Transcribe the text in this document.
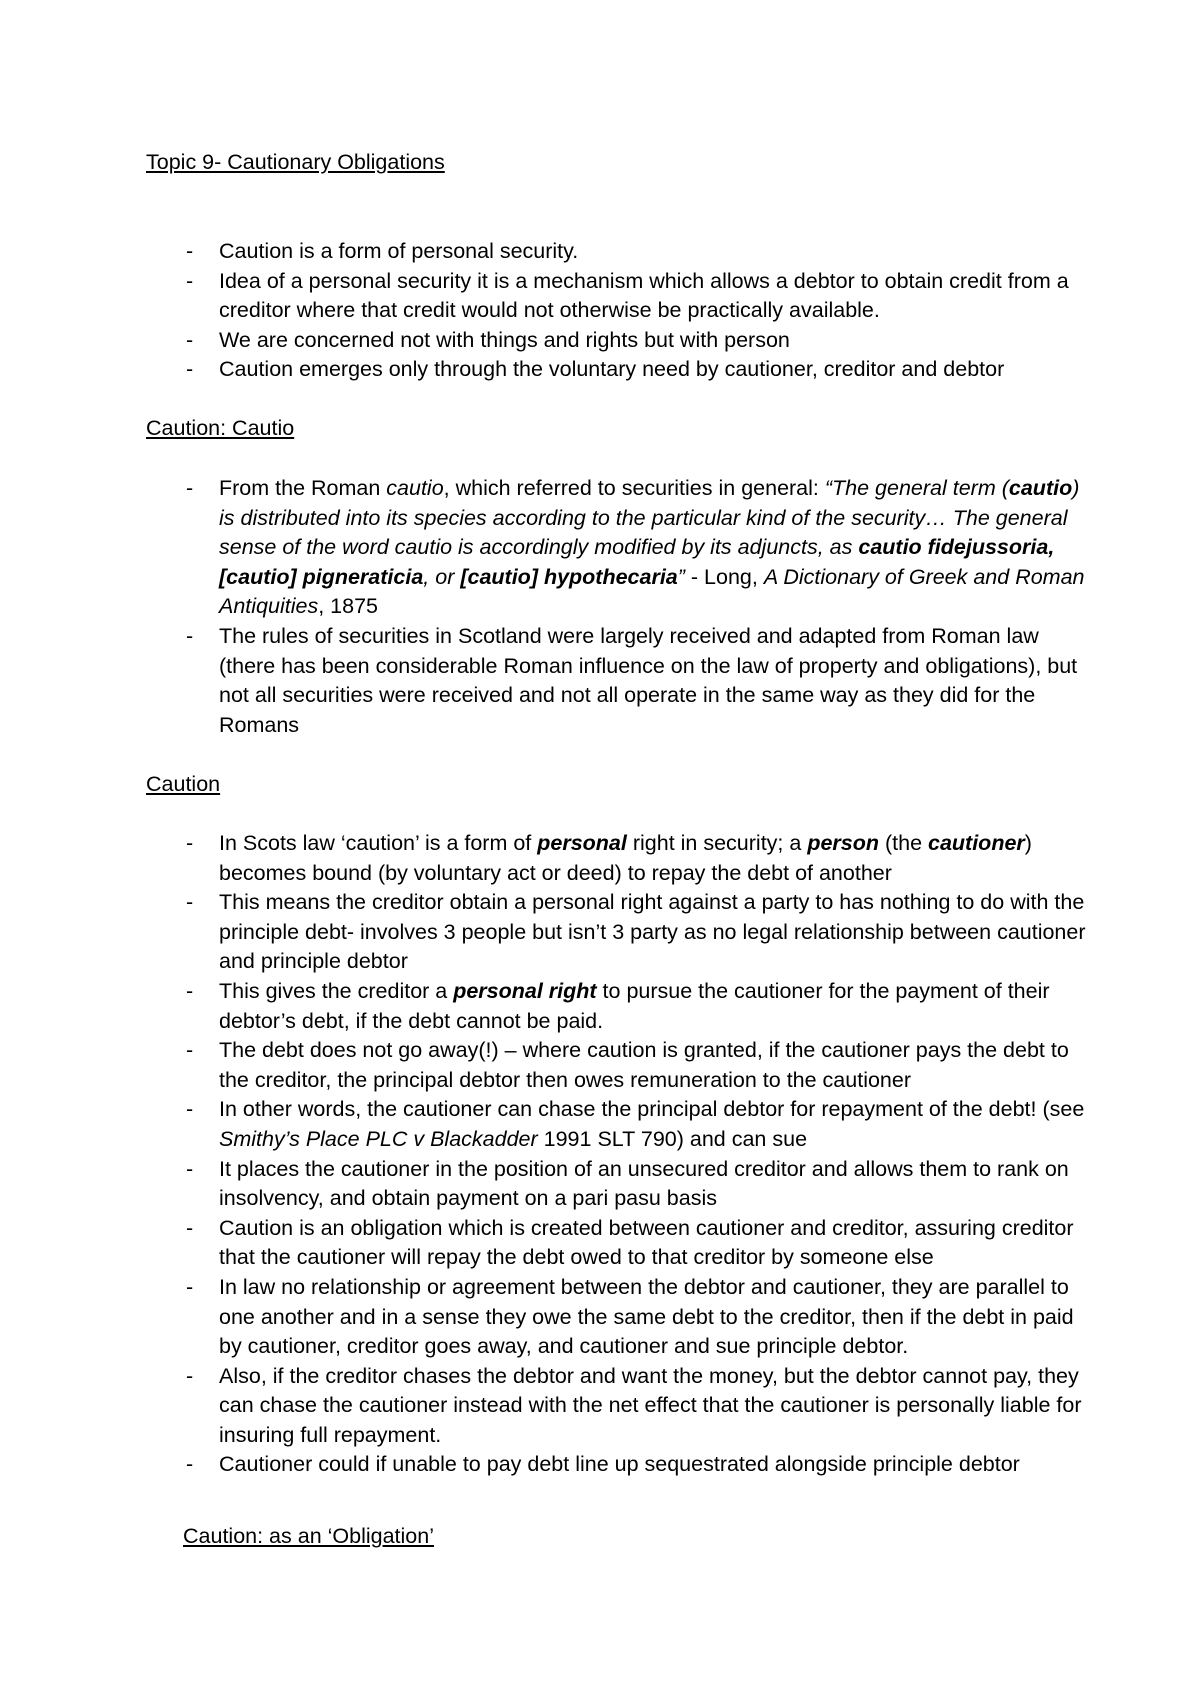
Topic 9- Cautionary Obligations
- Caution is a form of personal security.
- Idea of a personal security it is a mechanism which allows a debtor to obtain credit from a creditor where that credit would not otherwise be practically available.
- We are concerned not with things and rights but with person
- Caution emerges only through the voluntary need by cautioner, creditor and debtor
Caution: Cautio
- From the Roman cautio, which referred to securities in general: “The general term (cautio) is distributed into its species according to the particular kind of the security… The general sense of the word cautio is accordingly modified by its adjuncts, as cautio fidejussoria, [cautio] pigneraticia, or [cautio] hypothecaria” - Long, A Dictionary of Greek and Roman Antiquities, 1875
- The rules of securities in Scotland were largely received and adapted from Roman law (there has been considerable Roman influence on the law of property and obligations), but not all securities were received and not all operate in the same way as they did for the Romans
Caution
- In Scots law ‘caution’ is a form of personal right in security; a person (the cautioner) becomes bound (by voluntary act or deed) to repay the debt of another
- This means the creditor obtain a personal right against a party to has nothing to do with the principle debt- involves 3 people but isn’t 3 party as no legal relationship between cautioner and principle debtor
- This gives the creditor a personal right to pursue the cautioner for the payment of their debtor’s debt, if the debt cannot be paid.
- The debt does not go away(!) – where caution is granted, if the cautioner pays the debt to the creditor, the principal debtor then owes remuneration to the cautioner
- In other words, the cautioner can chase the principal debtor for repayment of the debt! (see Smithy’s Place PLC v Blackadder 1991 SLT 790) and can sue
- It places the cautioner in the position of an unsecured creditor and allows them to rank on insolvency, and obtain payment on a pari pasu basis
- Caution is an obligation which is created between cautioner and creditor, assuring creditor that the cautioner will repay the debt owed to that creditor by someone else
- In law no relationship or agreement between the debtor and cautioner, they are parallel to one another and in a sense they owe the same debt to the creditor, then if the debt in paid by cautioner, creditor goes away, and cautioner and sue principle debtor.
- Also, if the creditor chases the debtor and want the money, but the debtor cannot pay, they can chase the cautioner instead with the net effect that the cautioner is personally liable for insuring full repayment.
- Cautioner could if unable to pay debt line up sequestrated alongside principle debtor
Caution: as an ‘Obligation’
